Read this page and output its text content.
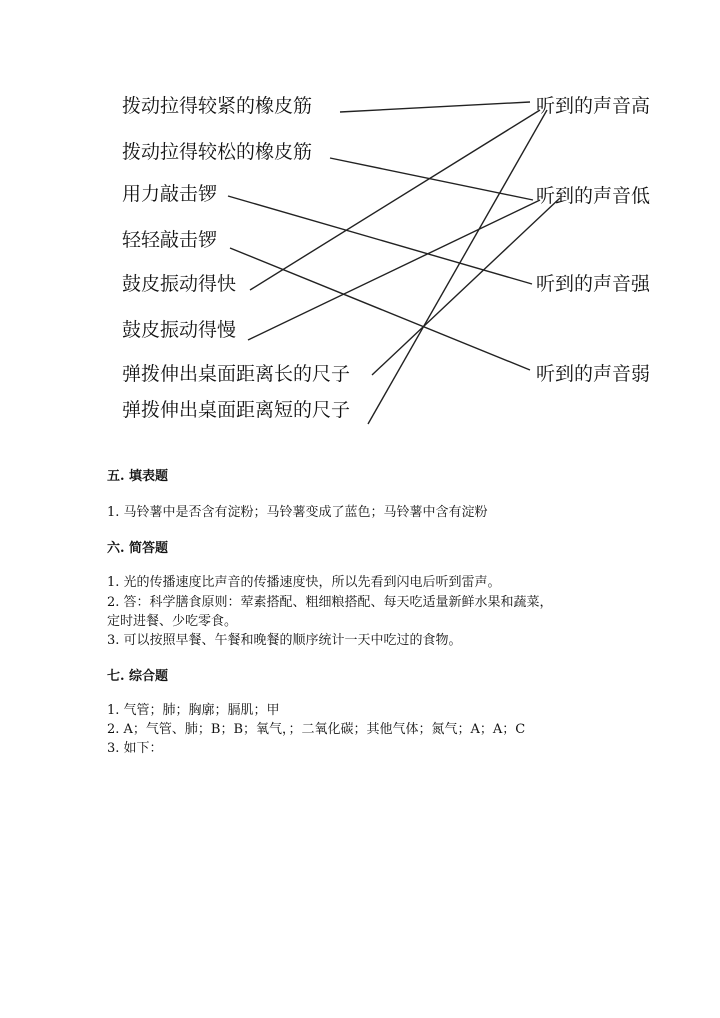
拨动拉得较紧的橡皮筋
拨动拉得较松的橡皮筋
用力敲击锣
轻轻敲击锣
鼓皮振动得快
鼓皮振动得慢
弹拨伸出桌面距离长的尺子
弹拨伸出桌面距离短的尺子
听到的声音高
听到的声音低
听到的声音强
听到的声音弱
五. 填表题
1. 马铃薯中是否含有淀粉；马铃薯变成了蓝色；马铃薯中含有淀粉
六. 简答题
1. 光的传播速度比声音的传播速度快，所以先看到闪电后听到雷声。
2. 答：科学膳食原则：荤素搭配、粗细粮搭配、每天吃适量新鲜水果和蔬菜，
定时进餐、少吃零食。
3. 可以按照早餐、午餐和晚餐的顺序统计一天中吃过的食物。
七. 综合题
1. 气管；肺；胸廓；膈肌；甲
2. A；气管、肺；B；B；氧气，；二氧化碳；其他气体；氮气；A；A；C
3. 如下：
